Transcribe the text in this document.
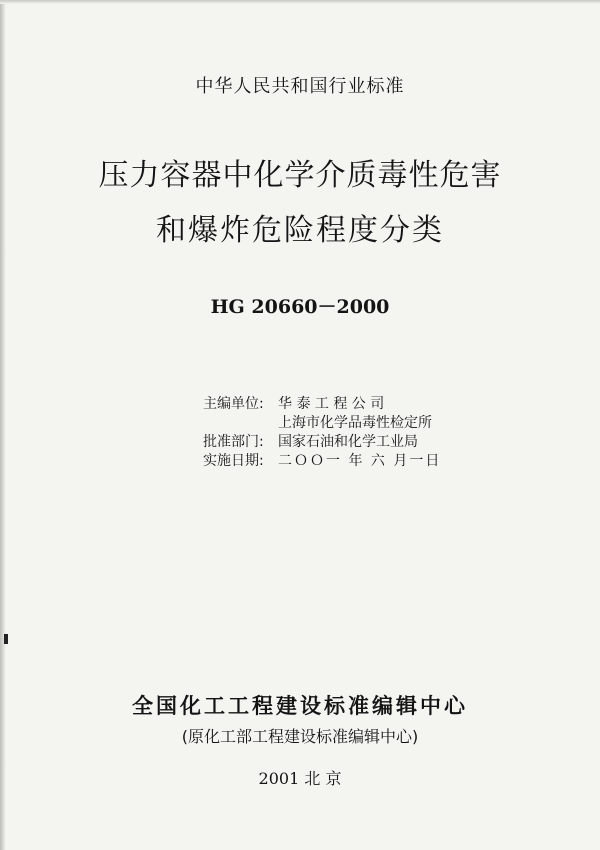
中华人民共和国行业标准
压力容器中化学介质毒性危害
和爆炸危险程度分类
HG 20660－2000
主编单位: 华 泰 工 程 公 司
上海市化学品毒性检定所
批准部门: 国家石油和化学工业局
实施日期: 二ＯＯ一 年 六 月一日
全国化工工程建设标准编辑中心
(原化工部工程建设标准编辑中心)
2001 北 京
